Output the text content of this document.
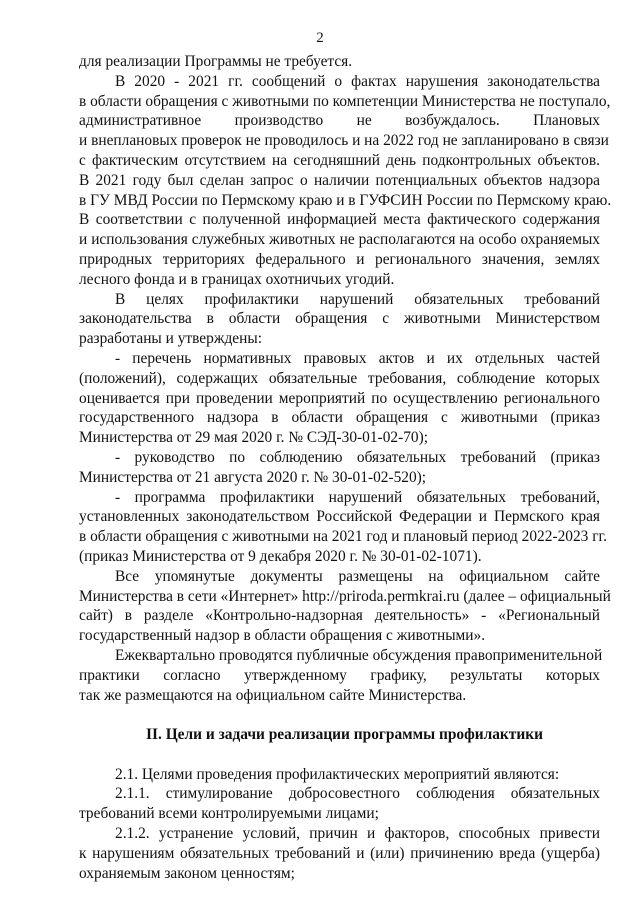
2
для реализации Программы не требуется.
В 2020 - 2021 гг. сообщений о фактах нарушения законодательства
в области обращения с животными по компетенции Министерства не поступало,
административное производство не возбуждалось. Плановых
и внеплановых проверок не проводилось и на 2022 год не запланировано в связи
с фактическим отсутствием на сегодняшний день подконтрольных объектов.
В 2021 году был сделан запрос о наличии потенциальных объектов надзора
в ГУ МВД России по Пермскому краю и в ГУФСИН России по Пермскому краю.
В соответствии с полученной информацией места фактического содержания
и использования служебных животных не располагаются на особо охраняемых
природных территориях федерального и регионального значения, землях
лесного фонда и в границах охотничьих угодий.
В целях профилактики нарушений обязательных требований
законодательства в области обращения с животными Министерством
разработаны и утверждены:
- перечень нормативных правовых актов и их отдельных частей
(положений), содержащих обязательные требования, соблюдение которых
оценивается при проведении мероприятий по осуществлению регионального
государственного надзора в области обращения с животными (приказ
Министерства от 29 мая 2020 г. № СЭД-30-01-02-70);
- руководство по соблюдению обязательных требований (приказ
Министерства от 21 августа 2020 г. № 30-01-02-520);
- программа профилактики нарушений обязательных требований,
установленных законодательством Российской Федерации и Пермского края
в области обращения с животными на 2021 год и плановый период 2022-2023 гг.
(приказ Министерства от 9 декабря 2020 г. № 30-01-02-1071).
Все упомянутые документы размещены на официальном сайте
Министерства в сети «Интернет» http://priroda.permkrai.ru (далее – официальный
сайт) в разделе «Контрольно-надзорная деятельность» - «Региональный
государственный надзор в области обращения с животными».
Ежеквартально проводятся публичные обсуждения правоприменительной
практики согласно утвержденному графику, результаты которых
так же размещаются на официальном сайте Министерства.
II. Цели и задачи реализации программы профилактики
2.1. Целями проведения профилактических мероприятий являются:
2.1.1. стимулирование добросовестного соблюдения обязательных
требований всеми контролируемыми лицами;
2.1.2. устранение условий, причин и факторов, способных привести
к нарушениям обязательных требований и (или) причинению вреда (ущерба)
охраняемым законом ценностям;
